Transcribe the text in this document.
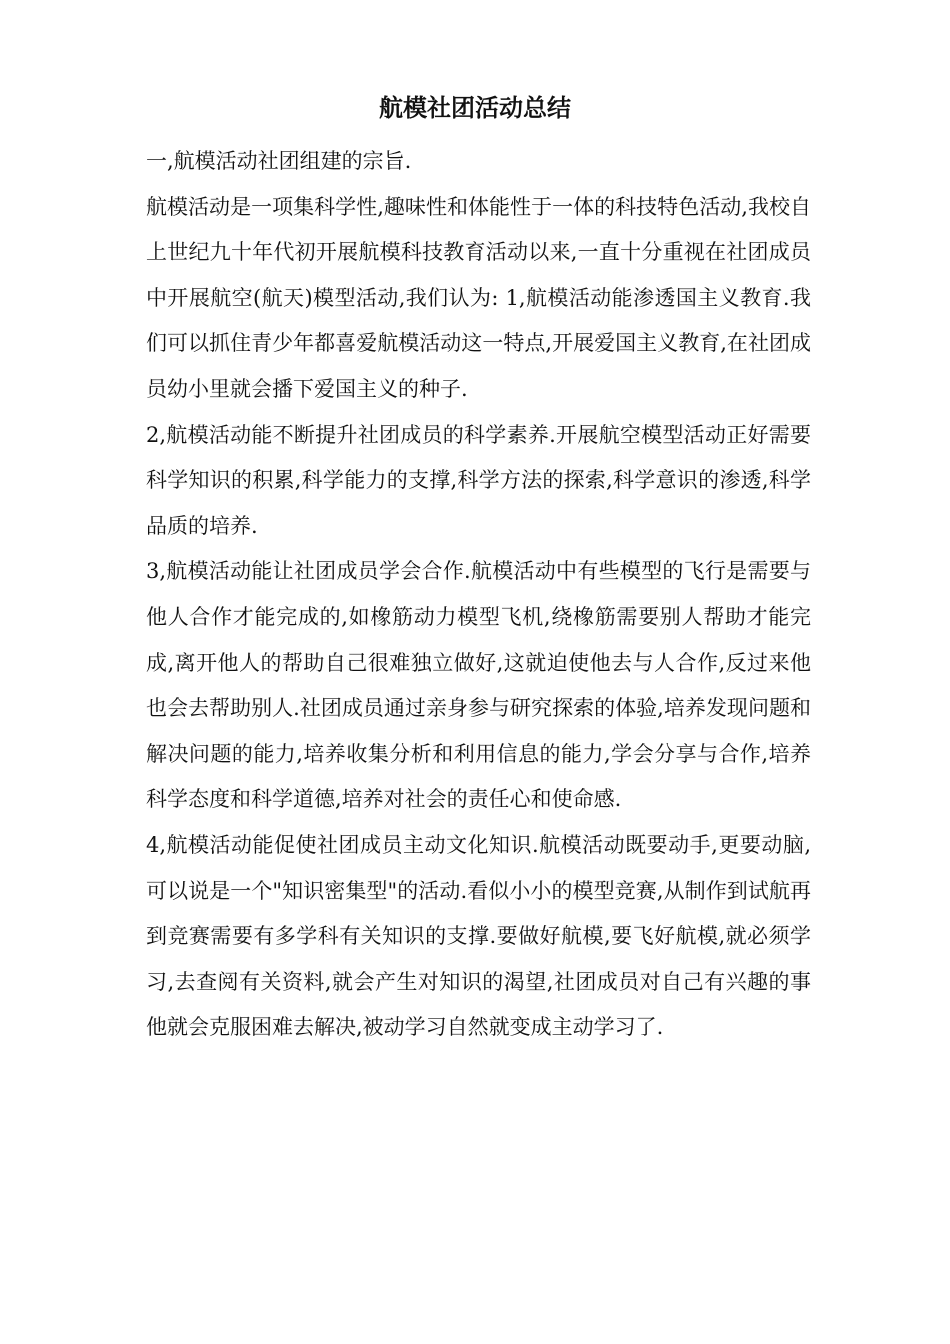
航模社团活动总结

一,航模活动社团组建的宗旨.

航模活动是一项集科学性,趣味性和体能性于一体的科技特色活动,我校自上世纪九十年代初开展航模科技教育活动以来,一直十分重视在社团成员中开展航空(航天)模型活动,我们认为: 1,航模活动能渗透国主义教育.我们可以抓住青少年都喜爱航模活动这一特点,开展爱国主义教育,在社团成员幼小里就会播下爱国主义的种子.

2,航模活动能不断提升社团成员的科学素养.开展航空模型活动正好需要科学知识的积累,科学能力的支撑,科学方法的探索,科学意识的渗透,科学品质的培养.

3,航模活动能让社团成员学会合作.航模活动中有些模型的飞行是需要与他人合作才能完成的,如橡筋动力模型飞机,绕橡筋需要别人帮助才能完成,离开他人的帮助自己很难独立做好,这就迫使他去与人合作,反过来他也会去帮助别人.社团成员通过亲身参与研究探索的体验,培养发现问题和解决问题的能力,培养收集分析和利用信息的能力,学会分享与合作,培养科学态度和科学道德,培养对社会的责任心和使命感.

4,航模活动能促使社团成员主动文化知识.航模活动既要动手,更要动脑,可以说是一个"知识密集型"的活动.看似小小的模型竞赛,从制作到试航再到竞赛需要有多学科有关知识的支撑.要做好航模,要飞好航模,就必须学习,去查阅有关资料,就会产生对知识的渴望,社团成员对自己有兴趣的事他就会克服困难去解决,被动学习自然就变成主动学习了.
